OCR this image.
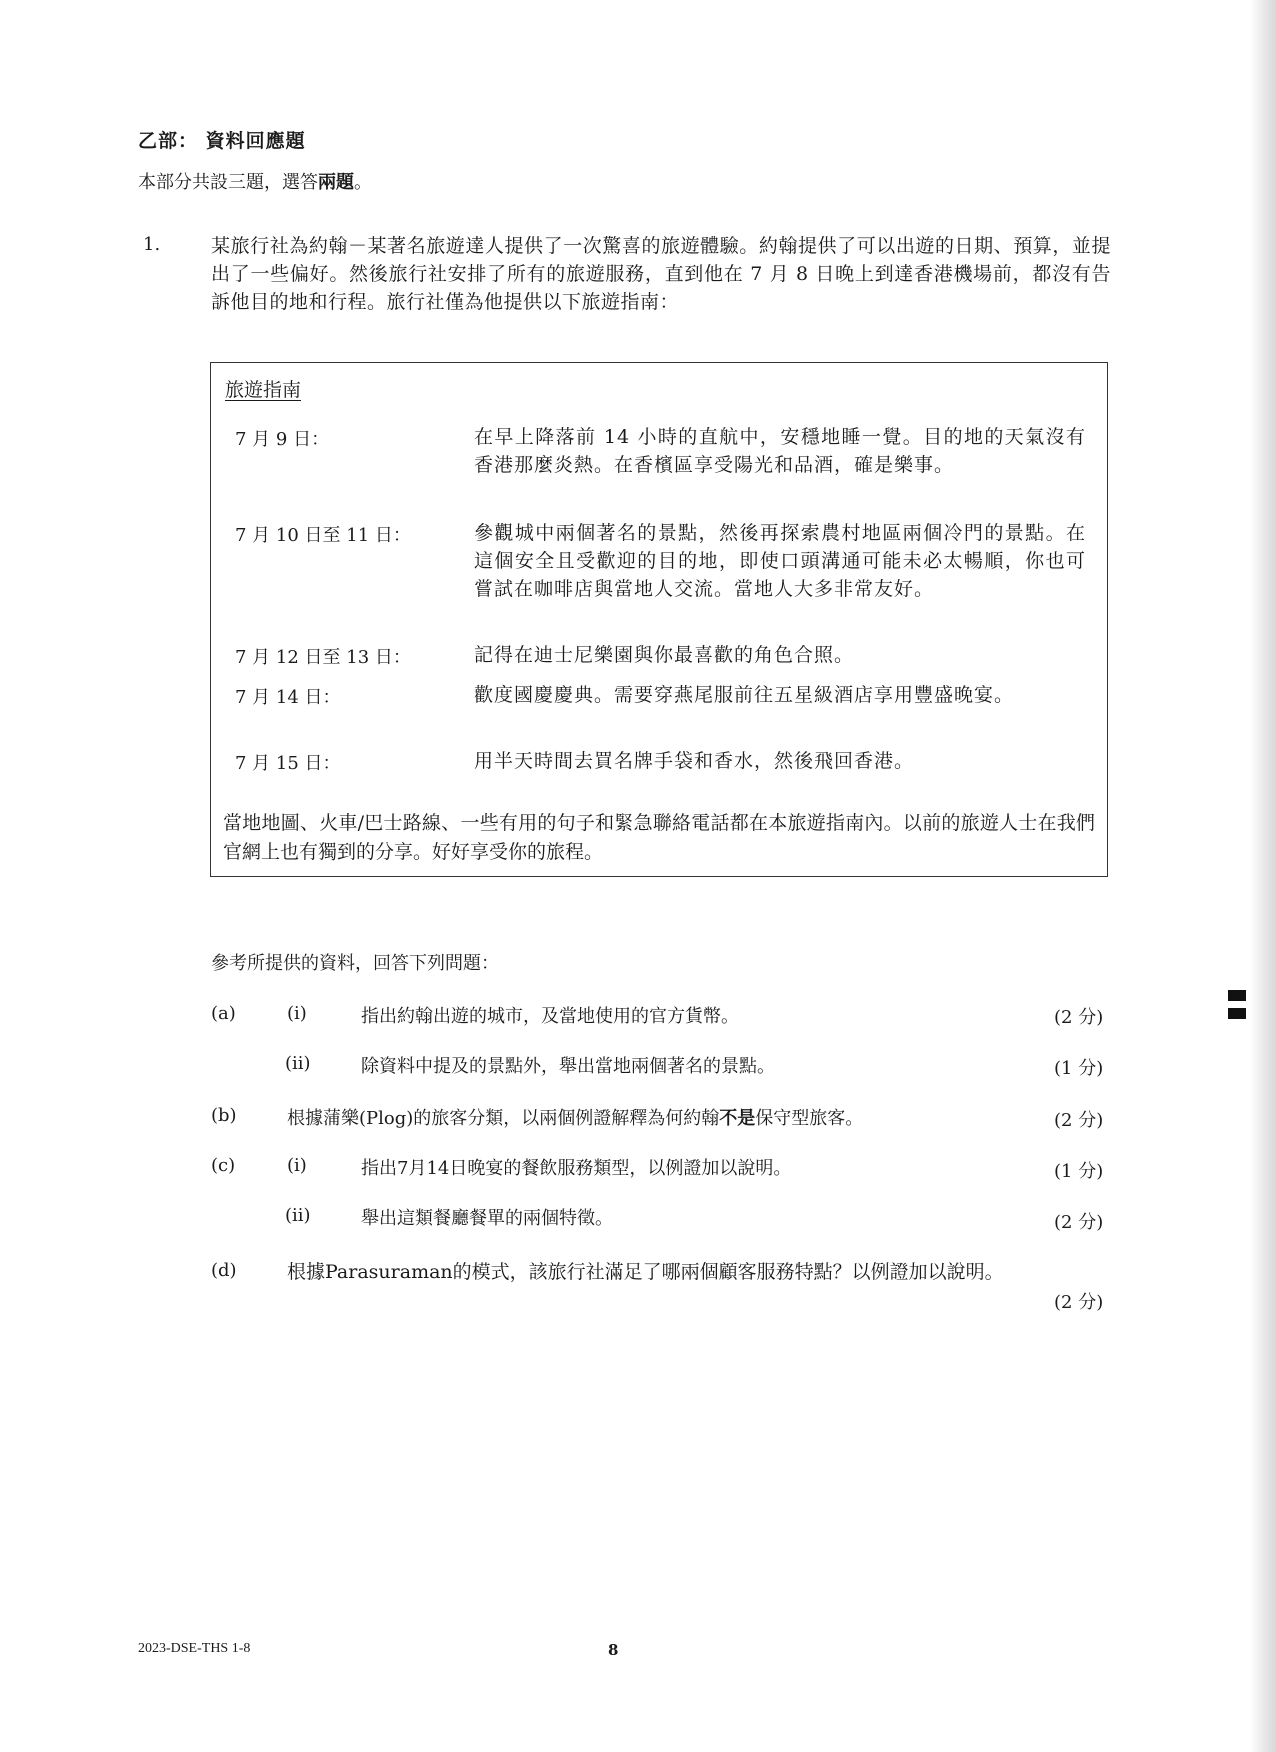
乙部： 資料回應題
本部分共設三題，選答兩題。
1.	某旅行社為約翰－某著名旅遊達人提供了一次驚喜的旅遊體驗。約翰提供了可以出遊的日期、預算，並提出了一些偏好。然後旅行社安排了所有的旅遊服務，直到他在 7 月 8 日晚上到達香港機場前，都沒有告訴他目的地和行程。旅行社僅為他提供以下旅遊指南：
旅遊指南
7 月 9 日：	在早上降落前 14 小時的直航中，安穩地睡一覺。目的地的天氣沒有香港那麼炎熱。在香檳區享受陽光和品酒，確是樂事。
7 月 10 日至 11 日：	參觀城中兩個著名的景點，然後再探索農村地區兩個冷門的景點。在這個安全且受歡迎的目的地，即使口頭溝通可能未必太暢順，你也可嘗試在咖啡店與當地人交流。當地人大多非常友好。
7 月 12 日至 13 日：	記得在迪士尼樂園與你最喜歡的角色合照。
7 月 14 日：	歡度國慶慶典。需要穿燕尾服前往五星級酒店享用豐盛晚宴。
7 月 15 日：	用半天時間去買名牌手袋和香水，然後飛回香港。
當地地圖、火車/巴士路線、一些有用的句子和緊急聯絡電話都在本旅遊指南內。以前的旅遊人士在我們官網上也有獨到的分享。好好享受你的旅程。
參考所提供的資料，回答下列問題：
(a)	(i)	指出約翰出遊的城市，及當地使用的官方貨幣。	(2 分)
(ii)	除資料中提及的景點外，舉出當地兩個著名的景點。	(1 分)
(b)	根據蒲樂(Plog)的旅客分類，以兩個例證解釋為何約翰不是保守型旅客。	(2 分)
(c)	(i)	指出7月14日晚宴的餐飲服務類型，以例證加以說明。	(1 分)
(ii)	舉出這類餐廳餐單的兩個特徵。	(2 分)
(d)	根據Parasuraman的模式，該旅行社滿足了哪兩個顧客服務特點？以例證加以說明。
(2 分)
2023-DSE-THS 1-8	8
